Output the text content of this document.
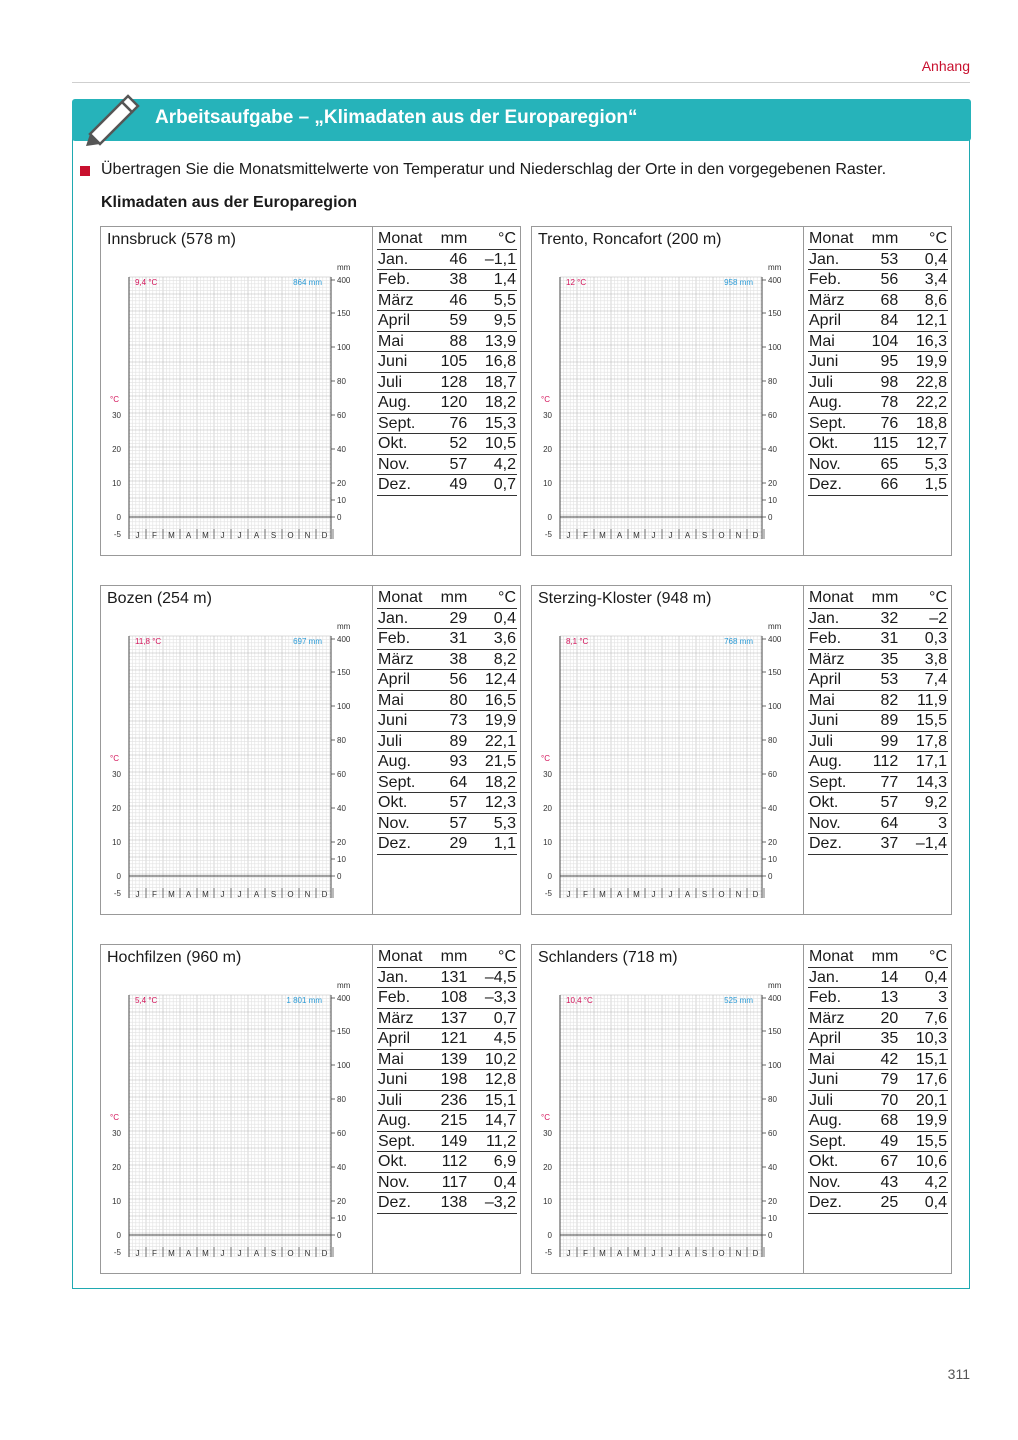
Anhang
Arbeitsaufgabe – „Klimadaten aus der Europaregion“
Übertragen Sie die Monatsmittelwerte von Temperatur und Niederschlag der Orte in den vorgegebenen Raster.
Klimadaten aus der Europaregion
Innsbruck (578 m)
-5
0
10
20
30
°C
0
10
20
40
60
80
100
150
400
mm
9,4 °C	864 mm
J F M A M J J A S O N D
Monat	mm	°C
Jan.	46	–1,1
Feb.	38	1,4
März	46	5,5
April	59	9,5
Mai	88	13,9
Juni	105	16,8
Juli	128	18,7
Aug.	120	18,2
Sept.	76	15,3
Okt.	52	10,5
Nov.	57	4,2
Dez.	49	0,7
Trento, Roncafort (200 m)
-5
0
10
20
30
°C
0
10
20
40
60
80
100
150
400
mm
12 °C	958 mm
J F M A M J J A S O N D
Monat	mm	°C
Jan.	53	0,4
Feb.	56	3,4
März	68	8,6
April	84	12,1
Mai	104	16,3
Juni	95	19,9
Juli	98	22,8
Aug.	78	22,2
Sept.	76	18,8
Okt.	115	12,7
Nov.	65	5,3
Dez.	66	1,5
Bozen (254 m)
-5
0
10
20
30
°C
0
10
20
40
60
80
100
150
400
mm
11,8 °C	697 mm
J F M A M J J A S O N D
Monat	mm	°C
Jan.	29	0,4
Feb.	31	3,6
März	38	8,2
April	56	12,4
Mai	80	16,5
Juni	73	19,9
Juli	89	22,1
Aug.	93	21,5
Sept.	64	18,2
Okt.	57	12,3
Nov.	57	5,3
Dez.	29	1,1
Sterzing-Kloster (948 m)
-5
0
10
20
30
°C
0
10
20
40
60
80
100
150
400
mm
8,1 °C	768 mm
J F M A M J J A S O N D
Monat	mm	°C
Jan.	32	–2
Feb.	31	0,3
März	35	3,8
April	53	7,4
Mai	82	11,9
Juni	89	15,5
Juli	99	17,8
Aug.	112	17,1
Sept.	77	14,3
Okt.	57	9,2
Nov.	64	3
Dez.	37	–1,4
Hochfilzen (960 m)
-5
0
10
20
30
°C
0
10
20
40
60
80
100
150
400
mm
5,4 °C	1 801 mm
J F M A M J J A S O N D
Monat	mm	°C
Jan.	131	–4,5
Feb.	108	–3,3
März	137	0,7
April	121	4,5
Mai	139	10,2
Juni	198	12,8
Juli	236	15,1
Aug.	215	14,7
Sept.	149	11,2
Okt.	112	6,9
Nov.	117	0,4
Dez.	138	–3,2
Schlanders (718 m)
-5
0
10
20
30
°C
0
10
20
40
60
80
100
150
400
mm
10,4 °C	525 mm
J F M A M J J A S O N D
Monat	mm	°C
Jan.	14	0,4
Feb.	13	3
März	20	7,6
April	35	10,3
Mai	42	15,1
Juni	79	17,6
Juli	70	20,1
Aug.	68	19,9
Sept.	49	15,5
Okt.	67	10,6
Nov.	43	4,2
Dez.	25	0,4
311
